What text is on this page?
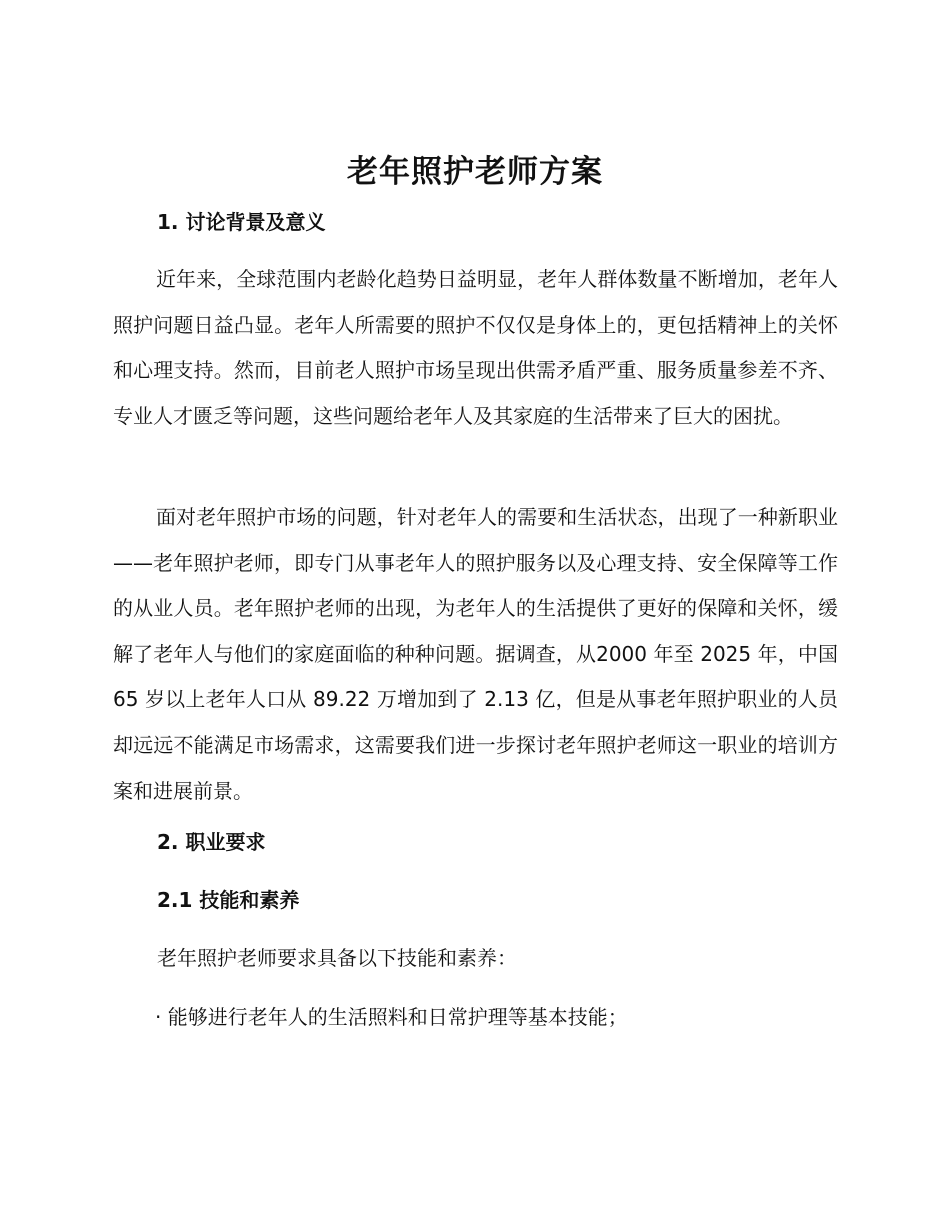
老年照护老师方案
1. 讨论背景及意义
近年来，全球范围内老龄化趋势日益明显，老年人群体数量不断增加，老年人照护问题日益凸显。老年人所需要的照护不仅仅是身体上的，更包括精神上的关怀和心理支持。然而，目前老人照护市场呈现出供需矛盾严重、服务质量参差不齐、专业人才匮乏等问题，这些问题给老年人及其家庭的生活带来了巨大的困扰。
面对老年照护市场的问题，针对老年人的需要和生活状态，出现了一种新职业——老年照护老师，即专门从事老年人的照护服务以及心理支持、安全保障等工作的从业人员。老年照护老师的出现，为老年人的生活提供了更好的保障和关怀，缓解了老年人与他们的家庭面临的种种问题。据调查，从2000 年至 2025 年，中国 65 岁以上老年人口从 89.22 万增加到了 2.13 亿，但是从事老年照护职业的人员却远远不能满足市场需求，这需要我们进一步探讨老年照护老师这一职业的培训方案和进展前景。
2. 职业要求
2.1 技能和素养
老年照护老师要求具备以下技能和素养：
· 能够进行老年人的生活照料和日常护理等基本技能；
